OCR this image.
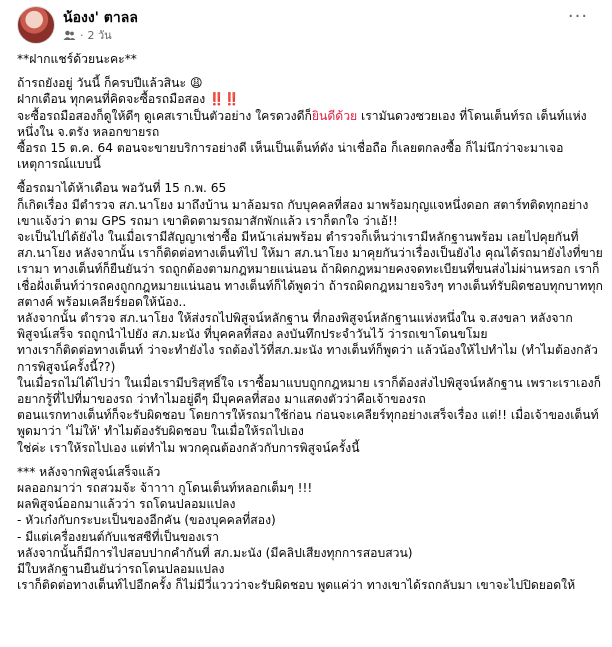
น้องง' ตาลล
· 2 วัน
···

**ฝากแชร์ด้วยนะคะ**

ถ้ารถยังอยู่ วันนี้ ก็ครบปีแล้วสินะ 😩

ฝากเตือน ทุกคนที่คิดจะซื้อรถมือสอง ‼️‼️

จะซื้อรถมือสองก็ดูให้ดีๆ ดูเคสเราเป็นตัวอย่าง ใครดวงดีก็ยินดีด้วย เรามันดวงซวยเอง ที่โดนเต็นท์รถ เต็นท์แห่งหนึ่งใน จ.ตรัง หลอกขายรถ

ซื้อรถ 15 ต.ค. 64 ตอนจะขายบริการอย่างดี เห็นเป็นเต็นท์ดัง น่าเชื่อถือ ก็เลยตกลงซื้อ ก็ไม่นึกว่าจะมาเจอเหตุการณ์แบบนี้

ซื้อรถมาได้ห้าเดือน พอวันที่ 15 ก.พ. 65

ก็เกิดเรื่อง มีตำรวจ สภ.นาโยง มาถึงบ้าน มาล้อมรถ กับบุคคลที่สอง มาพร้อมกุญแจหนึ่งดอก สตาร์ทติดทุกอย่าง เขาแจ้งว่า ตาม GPS รถมา เขาติดตามรถมาสักพักแล้ว เราก็ตกใจ ว่าเอ้!!

จะเป็นไปได้ยังไง ในเมื่อเรามีสัญญาเช่าซื้อ มีหน้าเล่มพร้อม ตำรวจก็เห็นว่าเรามีหลักฐานพร้อม เลยไปคุยกันที่ สภ.นาโยง หลังจากนั้น เราก็ติดต่อทางเต็นท์ไป ให้มา สภ.นาโยง มาคุยกันว่าเรื่องเป็นยังไง คุณได้รถมายังไงที่ขายเรามา ทางเต็นท์ก็ยืนยันว่า รถถูกต้องตามกฎหมายแน่นอน ถ้าผิดกฎหมายคงจดทะเบียนที่ขนส่งไม่ผ่านหรอก เราก็เชื่อฝั่งเต็นท์ว่ารถคงถูกกฎหมายแน่นอน ทางเต็นท์ก็ได้พูดว่า ถ้ารถผิดกฎหมายจริงๆ ทางเต็นท์รับผิดชอบทุกบาททุกสตางค์ พร้อมเคลียร์ยอดให้น้อง..

หลังจากนั้น ตำรวจ สภ.นาโยง ให้ส่งรถไปพิสูจน์หลักฐาน ที่กองพิสูจน์หลักฐานแห่งหนึ่งใน จ.สงขลา หลังจากพิสูจน์เสร็จ รถถูกนำไปยัง สภ.มะนัง ที่บุคคลที่สอง ลงบันทึกประจำวันไว้ ว่ารถเขาโดนขโมย

ทางเราก็ติดต่อทางเต็นท์ ว่าจะทำยังไง รถต้องไว้ที่สภ.มะนัง ทางเต็นท์ก็พูดว่า แล้วน้องให้ไปทำไม (ทำไมต้องกลัวการพิสูจน์ครั้งนี้??)

ในเมื่อรถไม่ได้ไปว่า ในเมื่อเรามีบริสุทธิ์ใจ เราซื้อมาแบบถูกกฎหมาย เราก็ต้องส่งไปพิสูจน์หลักฐาน เพราะเราเองก็อยากรู้ที่ไปที่มาของรถ ว่าทำไมอยู่ดีๆ มีบุคคลที่สอง มาแสดงตัวว่าคือเจ้าของรถ

ตอนแรกทางเต็นท์ก็จะรับผิดชอบ โดยการให้รถมาใช้ก่อน ก่อนจะเคลียร์ทุกอย่างเสร็จเรื่อง แต่!! เมื่อเจ้าของเต็นท์ พูดมาว่า 'ไม่ให้' ทำไมต้องรับผิดชอบ ในเมื่อให้รถไปเอง

ใช่ค่ะ เราให้รถไปเอง แต่ทำไม พวกคุณต้องกลัวกับการพิสูจน์ครั้งนี้

*** หลังจากพิสูจน์เสร็จแล้ว

ผลออกมาว่า รถสวมจ้ะ จ้าาาา กูโดนเต็นท์หลอกเต็มๆ !!!

ผลพิสูจน์ออกมาแล้วว่า รถโดนปลอมแปลง

- หัวเก๋งกับกระบะเป็นของอีกคัน (ของบุคคลที่สอง)

- มีแต่เครื่องยนต์กับแชสซีที่เป็นของเรา

หลังจากนั้นก็มีการไปสอบปากคำกันที่ สภ.มะนัง (มีคลิปเสียงทุกการสอบสวน)

มีใบหลักฐานยืนยันว่ารถโดนปลอมแปลง

เราก็ติดต่อทางเต็นท์ไปอีกครั้ง ก็ไม่มีวี่แววว่าจะรับผิดชอบ พูดแค่ว่า ทางเขาได้รถกลับมา เขาจะไปปิดยอดให้
